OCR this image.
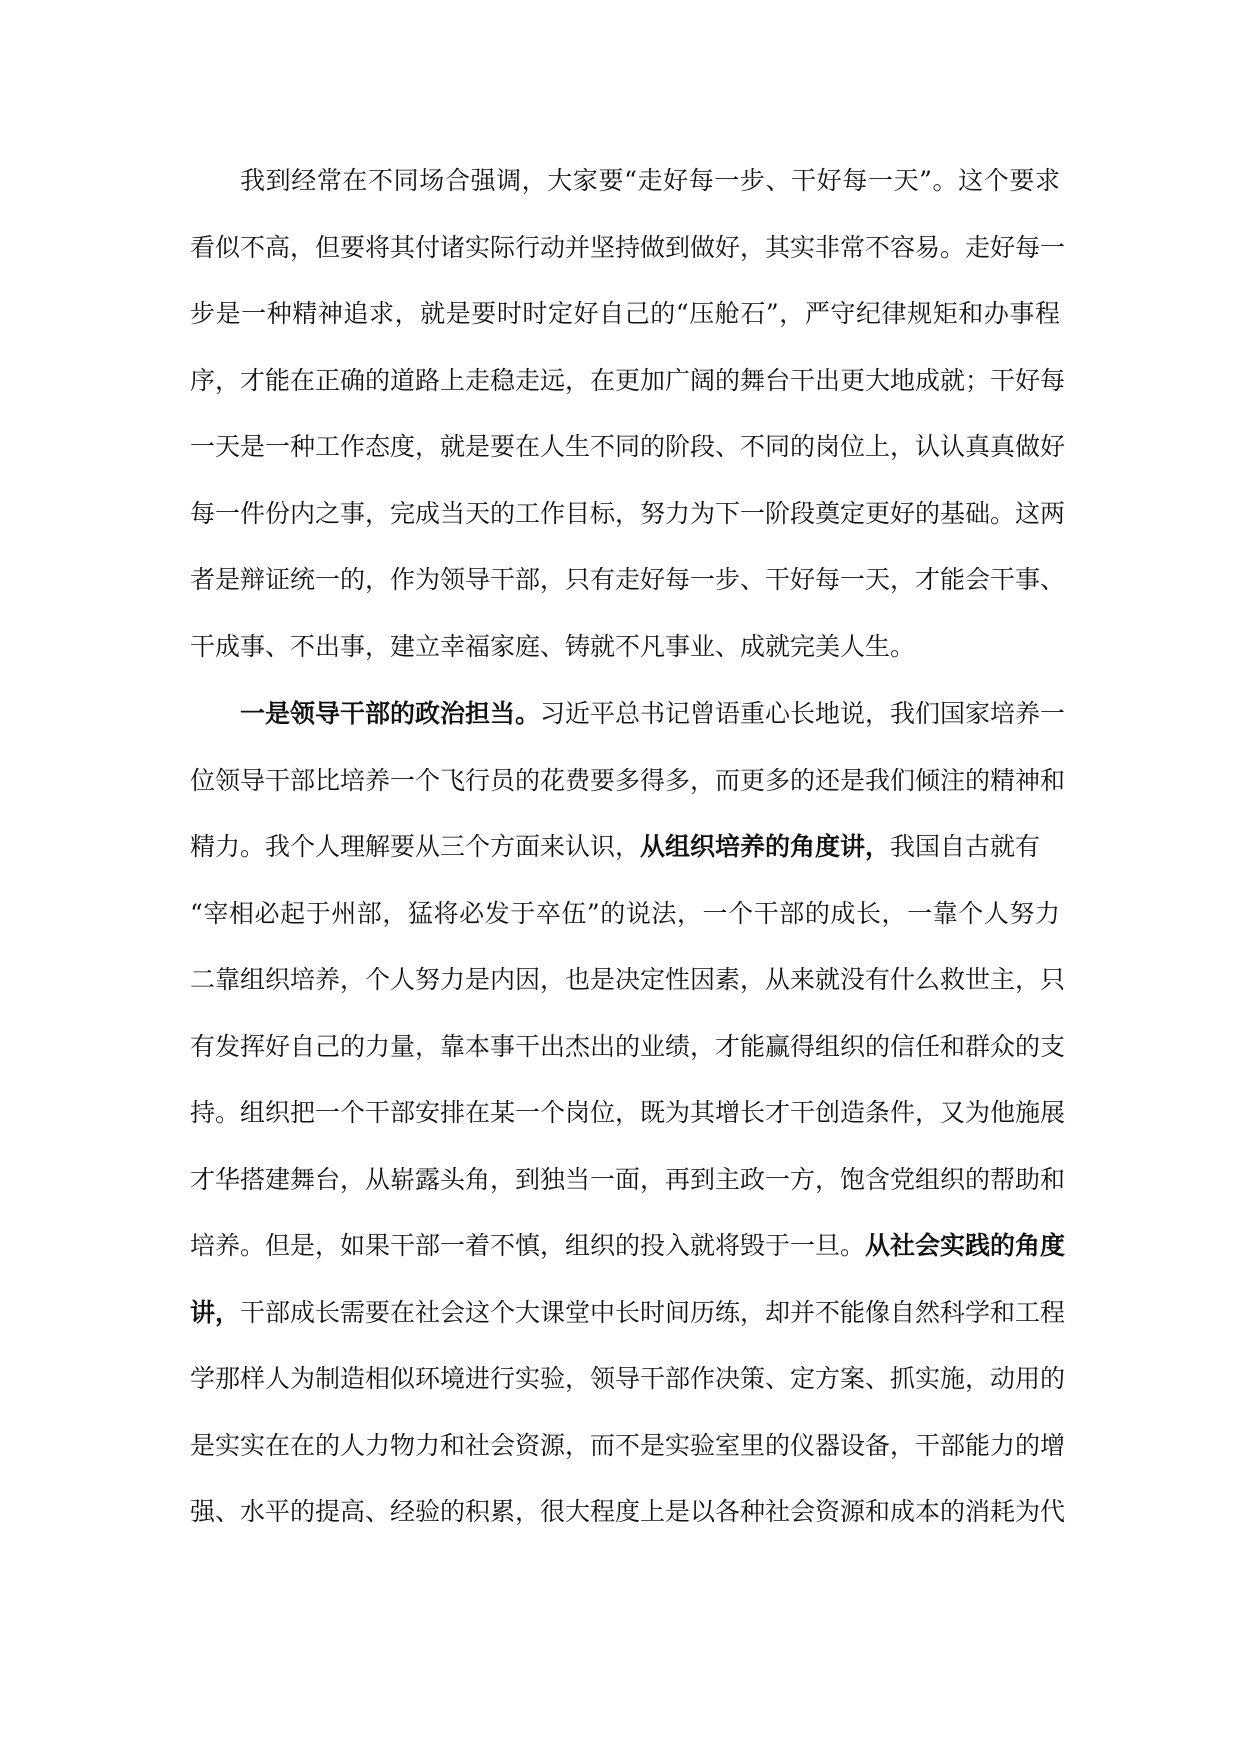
我到经常在不同场合强调，大家要“走好每一步、干好每一天”。这个要求
看似不高，但要将其付诸实际行动并坚持做到做好，其实非常不容易。走好每一
步是一种精神追求，就是要时时定好自己的“压舱石”，严守纪律规矩和办事程
序，才能在正确的道路上走稳走远，在更加广阔的舞台干出更大地成就；干好每
一天是一种工作态度，就是要在人生不同的阶段、不同的岗位上，认认真真做好
每一件份内之事，完成当天的工作目标，努力为下一阶段奠定更好的基础。这两
者是辩证统一的，作为领导干部，只有走好每一步、干好每一天，才能会干事、
干成事、不出事，建立幸福家庭、铸就不凡事业、成就完美人生。
一是领导干部的政治担当。习近平总书记曾语重心长地说，我们国家培养一
位领导干部比培养一个飞行员的花费要多得多，而更多的还是我们倾注的精神和
精力。我个人理解要从三个方面来认识，从组织培养的角度讲，我国自古就有
“宰相必起于州部，猛将必发于卒伍”的说法，一个干部的成长，一靠个人努力
二靠组织培养，个人努力是内因，也是决定性因素，从来就没有什么救世主，只
有发挥好自己的力量，靠本事干出杰出的业绩，才能赢得组织的信任和群众的支
持。组织把一个干部安排在某一个岗位，既为其增长才干创造条件，又为他施展
才华搭建舞台，从崭露头角，到独当一面，再到主政一方，饱含党组织的帮助和
培养。但是，如果干部一着不慎，组织的投入就将毁于一旦。从社会实践的角度
讲，干部成长需要在社会这个大课堂中长时间历练，却并不能像自然科学和工程
学那样人为制造相似环境进行实验，领导干部作决策、定方案、抓实施，动用的
是实实在在的人力物力和社会资源，而不是实验室里的仪器设备，干部能力的增
强、水平的提高、经验的积累，很大程度上是以各种社会资源和成本的消耗为代
